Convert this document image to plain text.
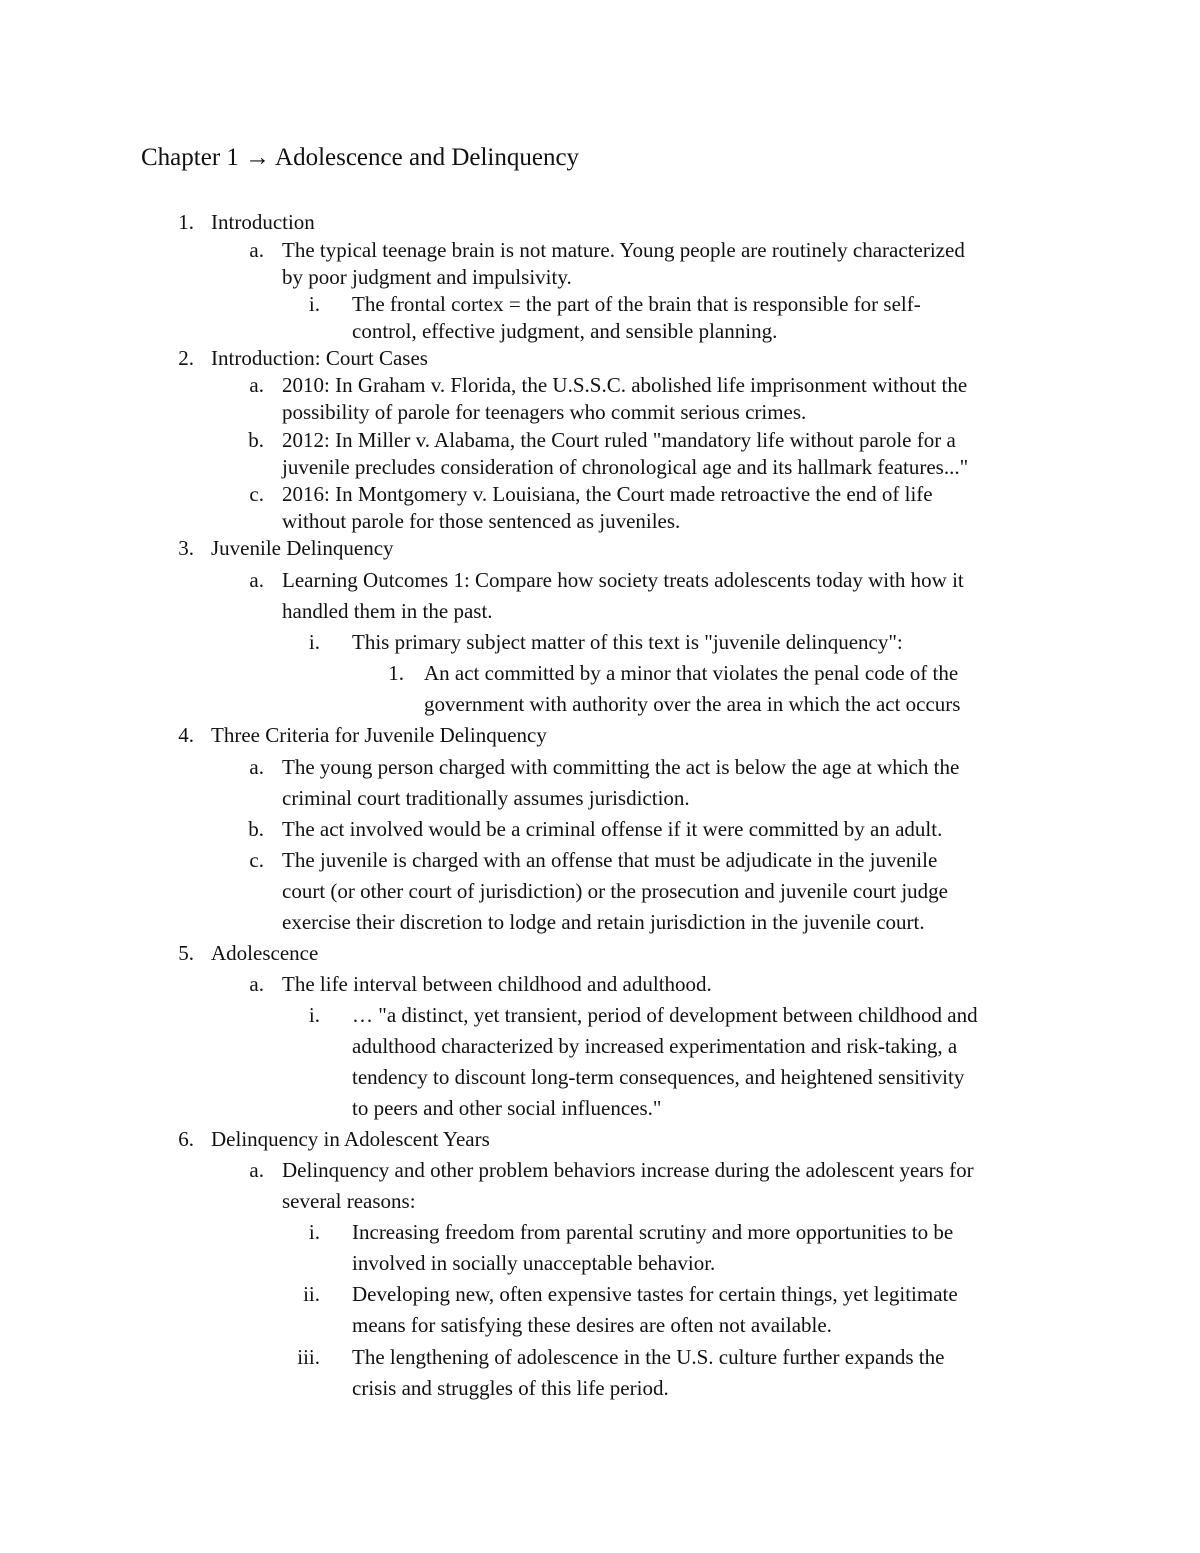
Chapter 1 → Adolescence and Delinquency
1. Introduction
a. The typical teenage brain is not mature. Young people are routinely characterized
by poor judgment and impulsivity.
i. The frontal cortex = the part of the brain that is responsible for self-
control, effective judgment, and sensible planning.
2. Introduction: Court Cases
a. 2010: In Graham v. Florida, the U.S.S.C. abolished life imprisonment without the
possibility of parole for teenagers who commit serious crimes.
b. 2012: In Miller v. Alabama, the Court ruled "mandatory life without parole for a
juvenile precludes consideration of chronological age and its hallmark features..."
c. 2016: In Montgomery v. Louisiana, the Court made retroactive the end of life
without parole for those sentenced as juveniles.
3. Juvenile Delinquency
a. Learning Outcomes 1: Compare how society treats adolescents today with how it
handled them in the past.
i. This primary subject matter of this text is "juvenile delinquency":
1. An act committed by a minor that violates the penal code of the
government with authority over the area in which the act occurs
4. Three Criteria for Juvenile Delinquency
a. The young person charged with committing the act is below the age at which the
criminal court traditionally assumes jurisdiction.
b. The act involved would be a criminal offense if it were committed by an adult.
c. The juvenile is charged with an offense that must be adjudicate in the juvenile
court (or other court of jurisdiction) or the prosecution and juvenile court judge
exercise their discretion to lodge and retain jurisdiction in the juvenile court.
5. Adolescence
a. The life interval between childhood and adulthood.
i. … "a distinct, yet transient, period of development between childhood and
adulthood characterized by increased experimentation and risk-taking, a
tendency to discount long-term consequences, and heightened sensitivity
to peers and other social influences."
6. Delinquency in Adolescent Years
a. Delinquency and other problem behaviors increase during the adolescent years for
several reasons:
i. Increasing freedom from parental scrutiny and more opportunities to be
involved in socially unacceptable behavior.
ii. Developing new, often expensive tastes for certain things, yet legitimate
means for satisfying these desires are often not available.
iii. The lengthening of adolescence in the U.S. culture further expands the
crisis and struggles of this life period.
